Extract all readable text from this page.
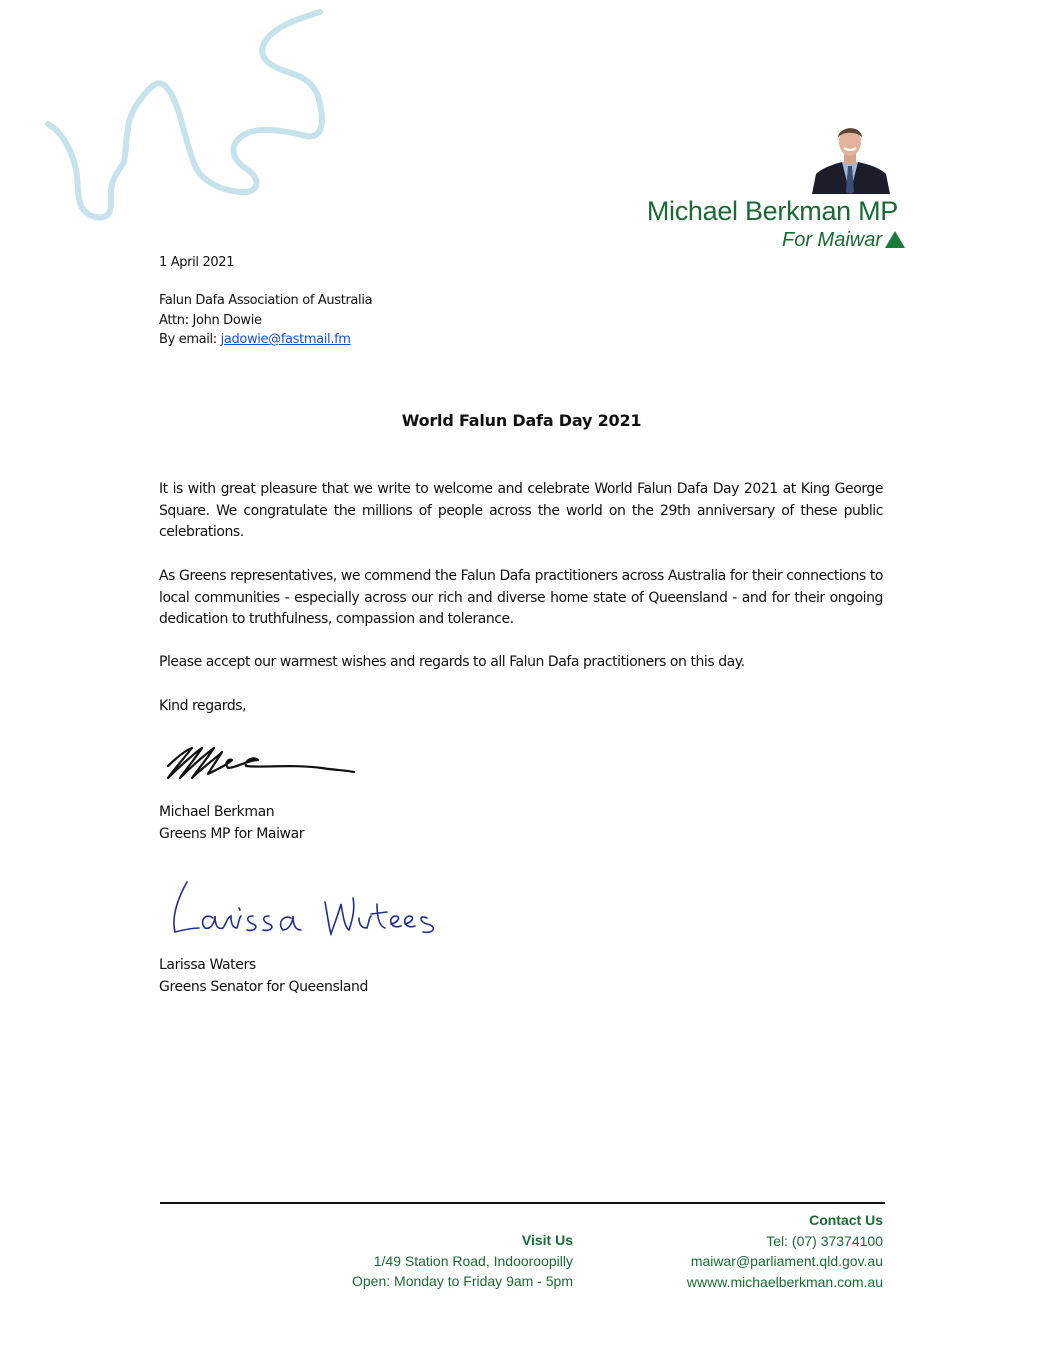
Michael Berkman MP
For Maiwar
1 April 2021
Falun Dafa Association of Australia
Attn: John Dowie
By email: jadowie@fastmail.fm
World Falun Dafa Day 2021
It is with great pleasure that we write to welcome and celebrate World Falun Dafa Day 2021 at King George Square. We congratulate the millions of people across the world on the 29th anniversary of these public celebrations.
As Greens representatives, we commend the Falun Dafa practitioners across Australia for their connections to local communities - especially across our rich and diverse home state of Queensland - and for their ongoing dedication to truthfulness, compassion and tolerance.
Please accept our warmest wishes and regards to all Falun Dafa practitioners on this day.
Kind regards,
Michael Berkman
Greens MP for Maiwar
Larissa Waters
Greens Senator for Queensland
Visit Us
1/49 Station Road, Indooroopilly
Open: Monday to Friday 9am - 5pm
Contact Us
Tel: (07) 37374100
maiwar@parliament.qld.gov.au
wwww.michaelberkman.com.au
